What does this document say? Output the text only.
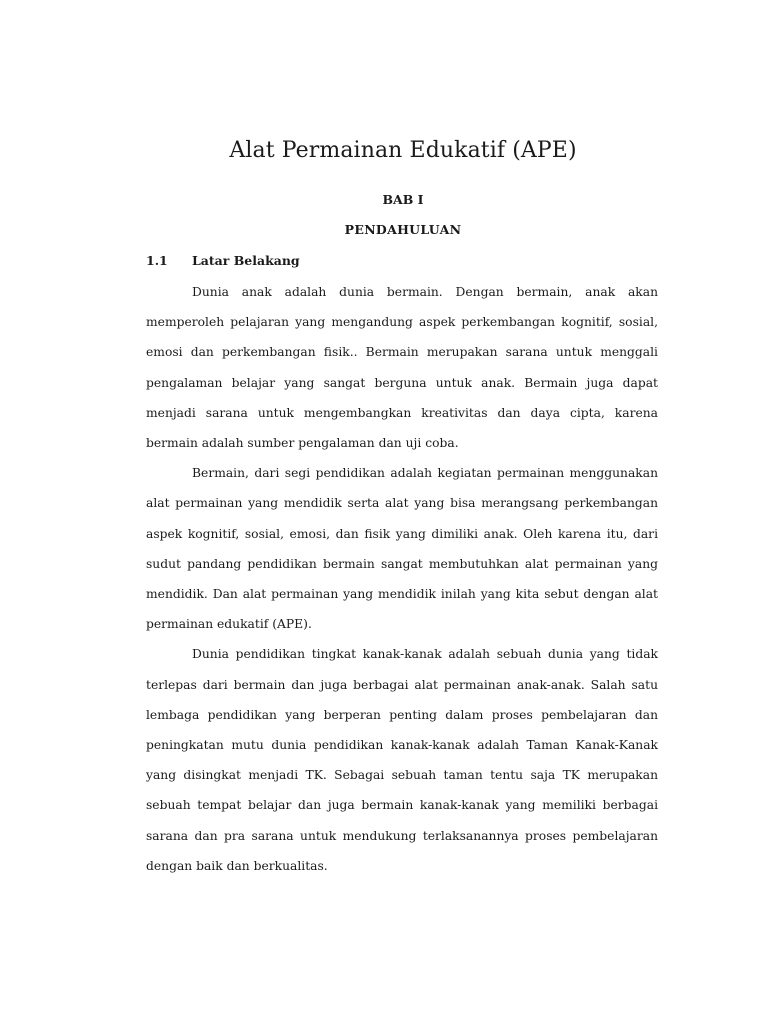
Alat Permainan Edukatif (APE)
BAB I
PENDAHULUAN
1.1 Latar Belakang

Dunia anak adalah dunia bermain. Dengan bermain, anak akan memperoleh pelajaran yang mengandung aspek perkembangan kognitif, sosial, emosi dan perkembangan fisik.. Bermain merupakan sarana untuk menggali pengalaman belajar yang sangat berguna untuk anak. Bermain juga dapat menjadi sarana untuk mengembangkan kreativitas dan daya cipta, karena bermain adalah sumber pengalaman dan uji coba.

Bermain, dari segi pendidikan adalah kegiatan permainan menggunakan alat permainan yang mendidik serta alat yang bisa merangsang perkembangan aspek kognitif, sosial, emosi, dan fisik yang dimiliki anak. Oleh karena itu, dari sudut pandang pendidikan bermain sangat membutuhkan alat permainan yang mendidik. Dan alat permainan yang mendidik inilah yang kita sebut dengan alat permainan edukatif (APE).

Dunia pendidikan tingkat kanak-kanak adalah sebuah dunia yang tidak terlepas dari bermain dan juga berbagai alat permainan anak-anak. Salah satu lembaga pendidikan yang berperan penting dalam proses pembelajaran dan peningkatan mutu dunia pendidikan kanak-kanak adalah Taman Kanak-Kanak yang disingkat menjadi TK. Sebagai sebuah taman tentu saja TK merupakan sebuah tempat belajar dan juga bermain kanak-kanak yang memiliki berbagai sarana dan pra sarana untuk mendukung terlaksanannya proses pembelajaran dengan baik dan berkualitas.
